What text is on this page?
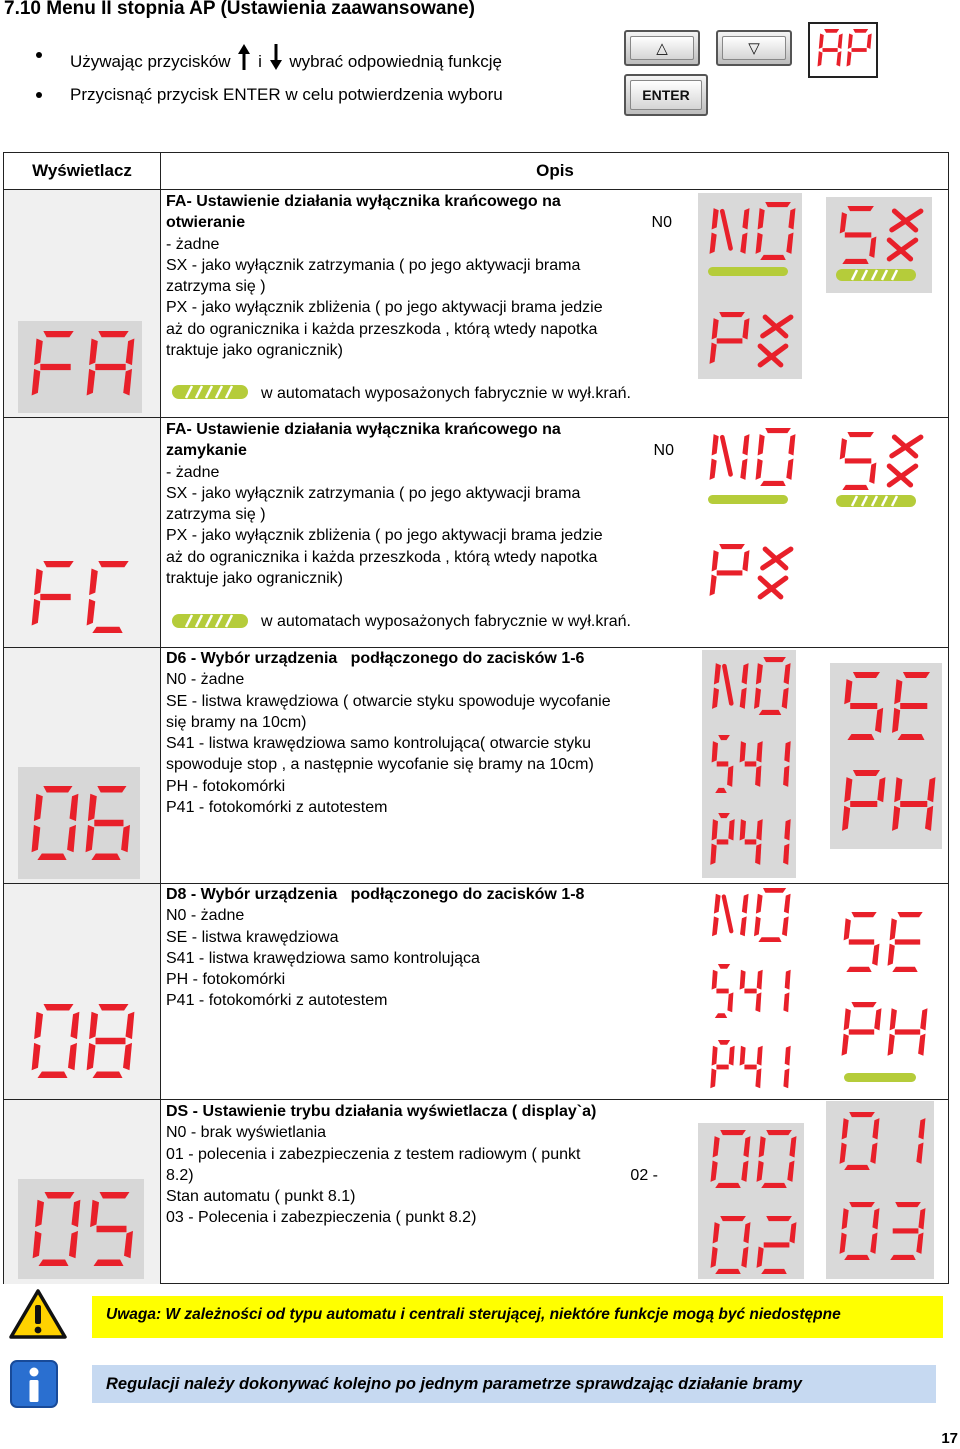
7.10 Menu II stopnia AP (Ustawienia zaawansowane)
Używając przycisków i wybrać odpowiednią funkcję
Przycisnąć przycisk ENTER w celu potwierdzenia wyboru
△	▽
ENTER
Wyświetlacz	Opis
FA- Ustawienie działania wyłącznika krańcowego na
otwieranie	N0
- żadne
SX - jako wyłącznik zatrzymania ( po jego aktywacji brama
zatrzyma się )
PX - jako wyłącznik zbliżenia ( po jego aktywacji brama jedzie
aż do ogranicznika i każda przeszkoda , którą wtedy napotka
traktuje jako ogranicznik)
w automatach wyposażonych fabrycznie w wył.krań.
FA- Ustawienie działania wyłącznika krańcowego na
zamykanie	N0
- żadne
SX - jako wyłącznik zatrzymania ( po jego aktywacji brama
zatrzyma się )
PX - jako wyłącznik zbliżenia ( po jego aktywacji brama jedzie
aż do ogranicznika i każda przeszkoda , którą wtedy napotka
traktuje jako ogranicznik)
w automatach wyposażonych fabrycznie w wył.krań.
D6 - Wybór urządzenia   podłączonego do zacisków 1-6
N0 - żadne
SE - listwa krawędziowa ( otwarcie styku spowoduje wycofanie
się bramy na 10cm)
S41 - listwa krawędziowa samo kontrolująca( otwarcie styku
spowoduje stop , a następnie wycofanie się bramy na 10cm)
PH - fotokomórki
P41 - fotokomórki z autotestem
D8 - Wybór urządzenia   podłączonego do zacisków 1-8
N0 - żadne
SE - listwa krawędziowa
S41 - listwa krawędziowa samo kontrolująca
PH - fotokomórki
P41 - fotokomórki z autotestem
DS - Ustawienie trybu działania wyświetlacza ( display`a)
N0 - brak wyświetlania
01 - polecenia i zabezpieczenia z testem radiowym ( punkt
8.2)	02 -
Stan automatu ( punkt 8.1)
03 - Polecenia i zabezpieczenia ( punkt 8.2)
Uwaga: W zależności od typu automatu i centrali sterującej, niektóre funkcje mogą być niedostępne
Regulacji należy dokonywać kolejno po jednym parametrze sprawdzając działanie bramy
17
